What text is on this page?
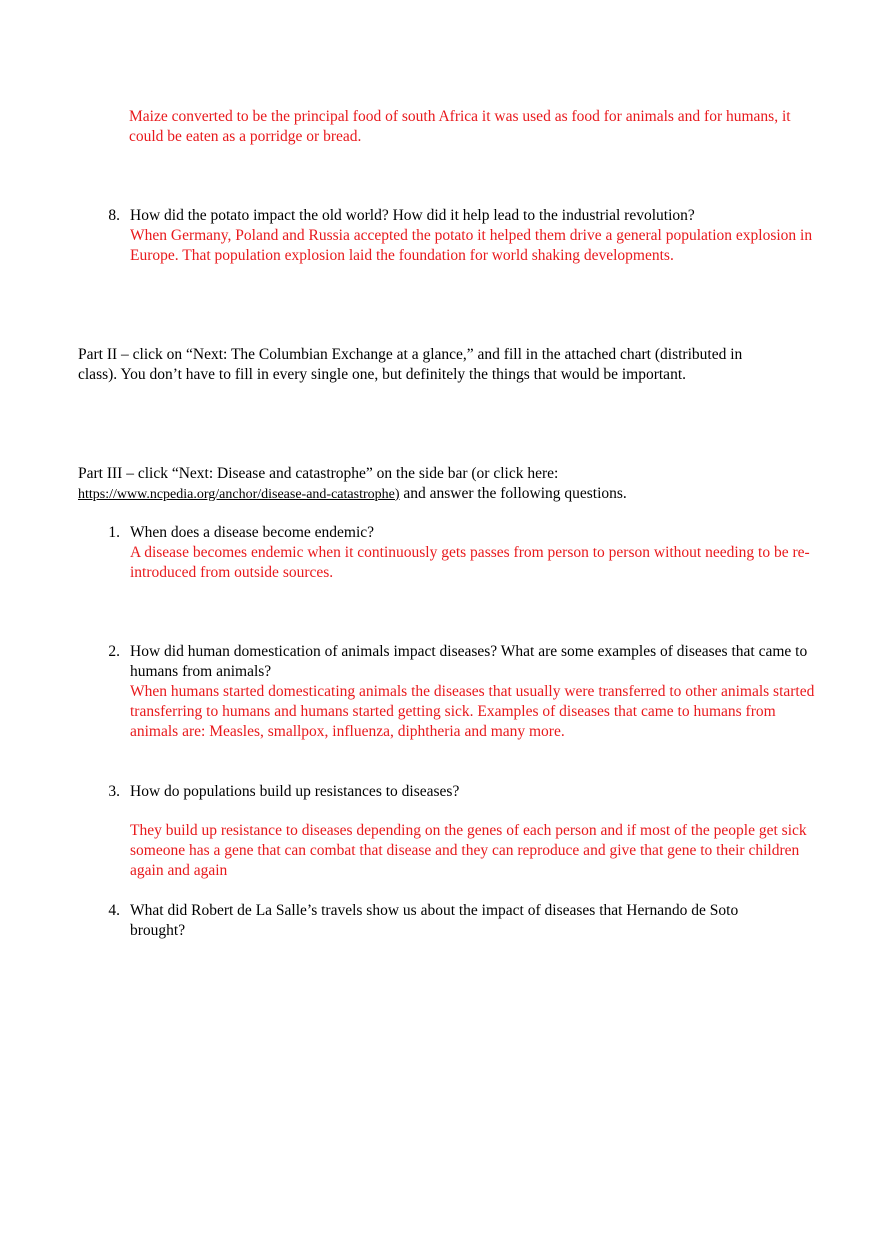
Maize converted to be the principal food of south Africa it was used as food for animals and for humans, it could be eaten as a porridge or bread.
8. How did the potato impact the old world? How did it help lead to the industrial revolution?
When Germany, Poland and Russia accepted the potato it helped them drive a general population explosion in Europe. That population explosion laid the foundation for world shaking developments.
Part II – click on “Next: The Columbian Exchange at a glance,” and fill in the attached chart (distributed in class). You don’t have to fill in every single one, but definitely the things that would be important.
Part III – click “Next: Disease and catastrophe” on the side bar (or click here:
https://www.ncpedia.org/anchor/disease-and-catastrophe) and answer the following questions.
1. When does a disease become endemic?
A disease becomes endemic when it continuously gets passes from person to person without needing to be re-introduced from outside sources.
2. How did human domestication of animals impact diseases? What are some examples of diseases that came to humans from animals?
When humans started domesticating animals the diseases that usually were transferred to other animals started transferring to humans and humans started getting sick. Examples of diseases that came to humans from animals are: Measles, smallpox, influenza, diphtheria and many more.
3. How do populations build up resistances to diseases?
They build up resistance to diseases depending on the genes of each person and if most of the people get sick someone has a gene that can combat that disease and they can reproduce and give that gene to their children again and again
4. What did Robert de La Salle’s travels show us about the impact of diseases that Hernando de Soto brought?
